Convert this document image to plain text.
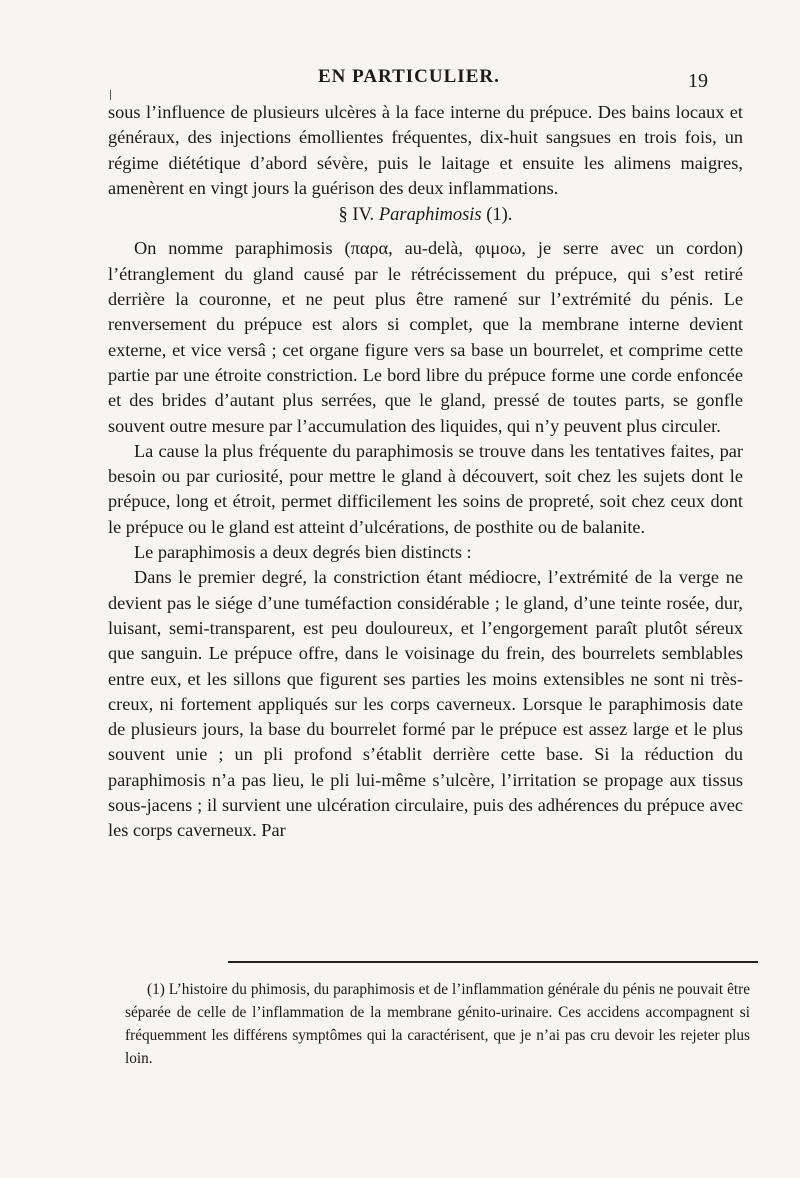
EN PARTICULIER.	19

sous l’influence de plusieurs ulcères à la face interne du prépuce. Des bains locaux et généraux, des injections émollientes fréquentes, dix-huit sangsues en trois fois, un régime diététique d’abord sévère, puis le laitage et ensuite les alimens maigres, amenèrent en vingt jours la guérison des deux inflammations.

§ IV. Paraphimosis (1).

On nomme paraphimosis (παρα, au-delà, φιμοω, je serre avec un cordon) l’étranglement du gland causé par le rétrécissement du prépuce, qui s’est retiré derrière la couronne, et ne peut plus être ramené sur l’extrémité du pénis. Le renversement du prépuce est alors si complet, que la membrane interne devient externe, et vice versâ ; cet organe figure vers sa base un bourrelet, et comprime cette partie par une étroite constriction. Le bord libre du prépuce forme une corde enfoncée et des brides d’autant plus serrées, que le gland, pressé de toutes parts, se gonfle souvent outre mesure par l’accumulation des liquides, qui n’y peuvent plus circuler.

La cause la plus fréquente du paraphimosis se trouve dans les tentatives faites, par besoin ou par curiosité, pour mettre le gland à découvert, soit chez les sujets dont le prépuce, long et étroit, permet difficilement les soins de propreté, soit chez ceux dont le prépuce ou le gland est atteint d’ulcérations, de posthite ou de balanite.

Le paraphimosis a deux degrés bien distincts :

Dans le premier degré, la constriction étant médiocre, l’extrémité de la verge ne devient pas le siége d’une tuméfaction considérable ; le gland, d’une teinte rosée, dur, luisant, semi-transparent, est peu douloureux, et l’engorgement paraît plutôt séreux que sanguin. Le prépuce offre, dans le voisinage du frein, des bourrelets semblables entre eux, et les sillons que figurent ses parties les moins extensibles ne sont ni très-creux, ni fortement appliqués sur les corps caverneux. Lorsque le paraphimosis date de plusieurs jours, la base du bourrelet formé par le prépuce est assez large et le plus souvent unie ; un pli profond s’établit derrière cette base. Si la réduction du paraphimosis n’a pas lieu, le pli lui-même s’ulcère, l’irritation se propage aux tissus sous-jacens ; il survient une ulcération circulaire, puis des adhérences du prépuce avec les corps caverneux. Par

(1) L’histoire du phimosis, du paraphimosis et de l’inflammation générale du pénis ne pouvait être séparée de celle de l’inflammation de la membrane génito-urinaire. Ces accidens accompagnent si fréquemment les différens symptômes qui la caractérisent, que je n’ai pas cru devoir les rejeter plus loin.
